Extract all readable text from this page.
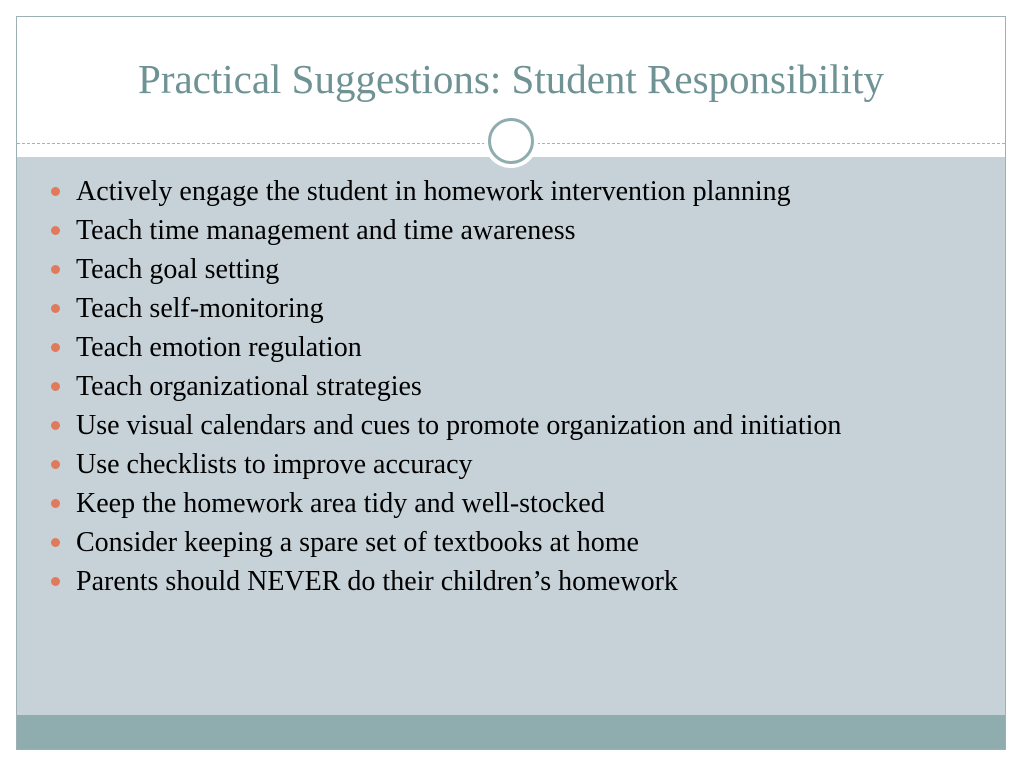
Practical Suggestions: Student Responsibility
Actively engage the student in homework intervention planning
Teach time management and time awareness
Teach goal setting
Teach self-monitoring
Teach emotion regulation
Teach organizational strategies
Use visual calendars and cues to promote organization and initiation
Use checklists to improve accuracy
Keep the homework area tidy and well-stocked
Consider keeping a spare set of textbooks at home
Parents should NEVER do their children’s homework
